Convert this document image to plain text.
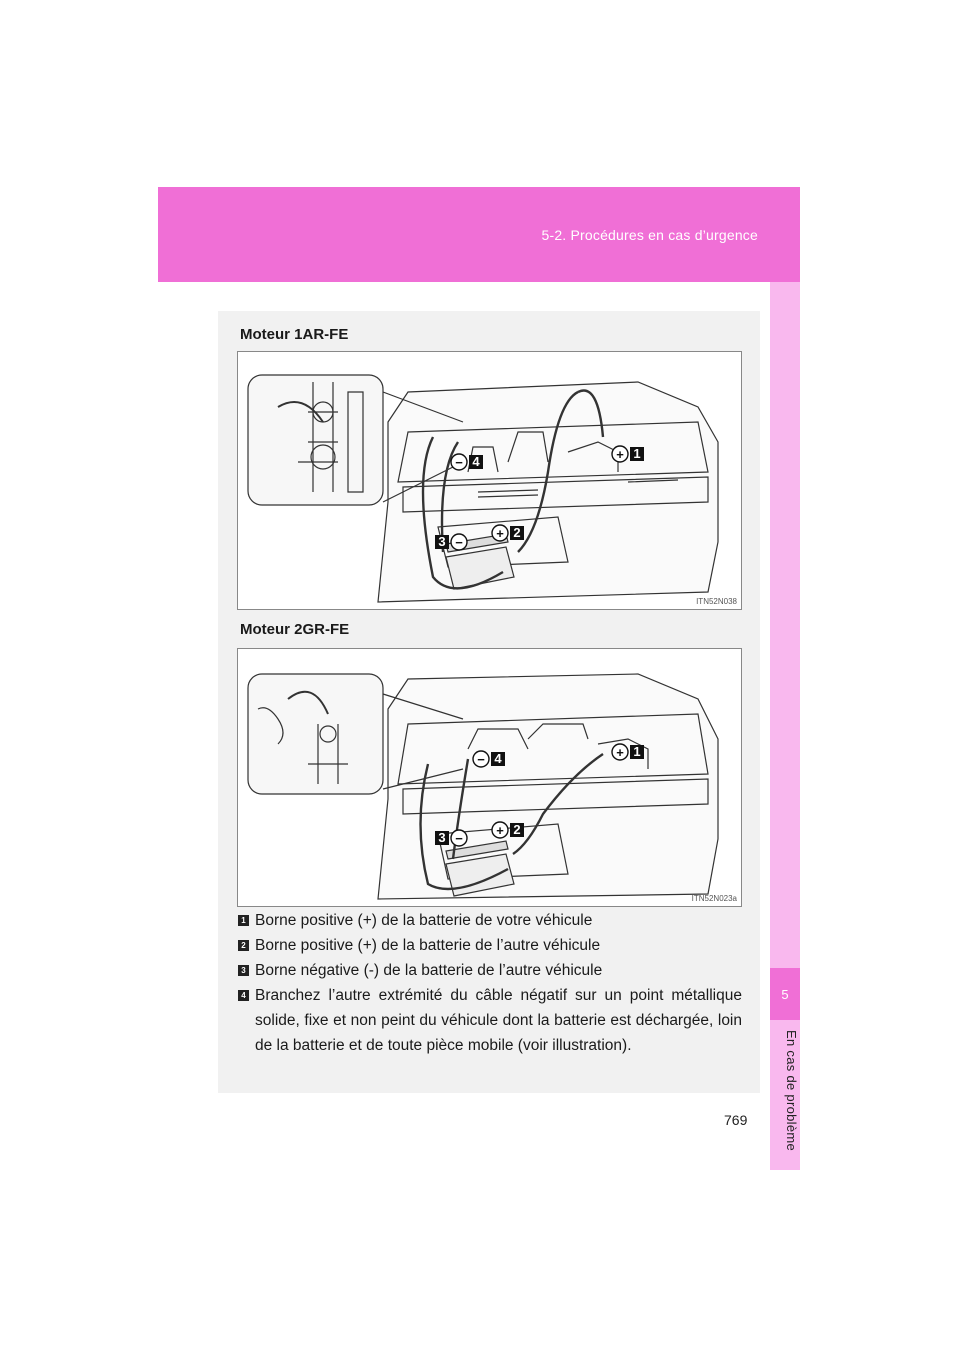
5-2. Procédures en cas d’urgence
5
En cas de problème
Moteur 1AR-FE
+ 1
+ 2
3 −
− 4
ITN52N038
Moteur 2GR-FE
+ 1
+ 2
3 −
− 4
ITN52N023a
1 Borne positive (+) de la batterie de votre véhicule
2 Borne positive (+) de la batterie de l’autre véhicule
3 Borne négative (-) de la batterie de l’autre véhicule
4 Branchez l’autre extrémité du câble négatif sur un point métallique solide, fixe et non peint du véhicule dont la batterie est déchargée, loin de la batterie et de toute pièce mobile (voir illustration).
769
